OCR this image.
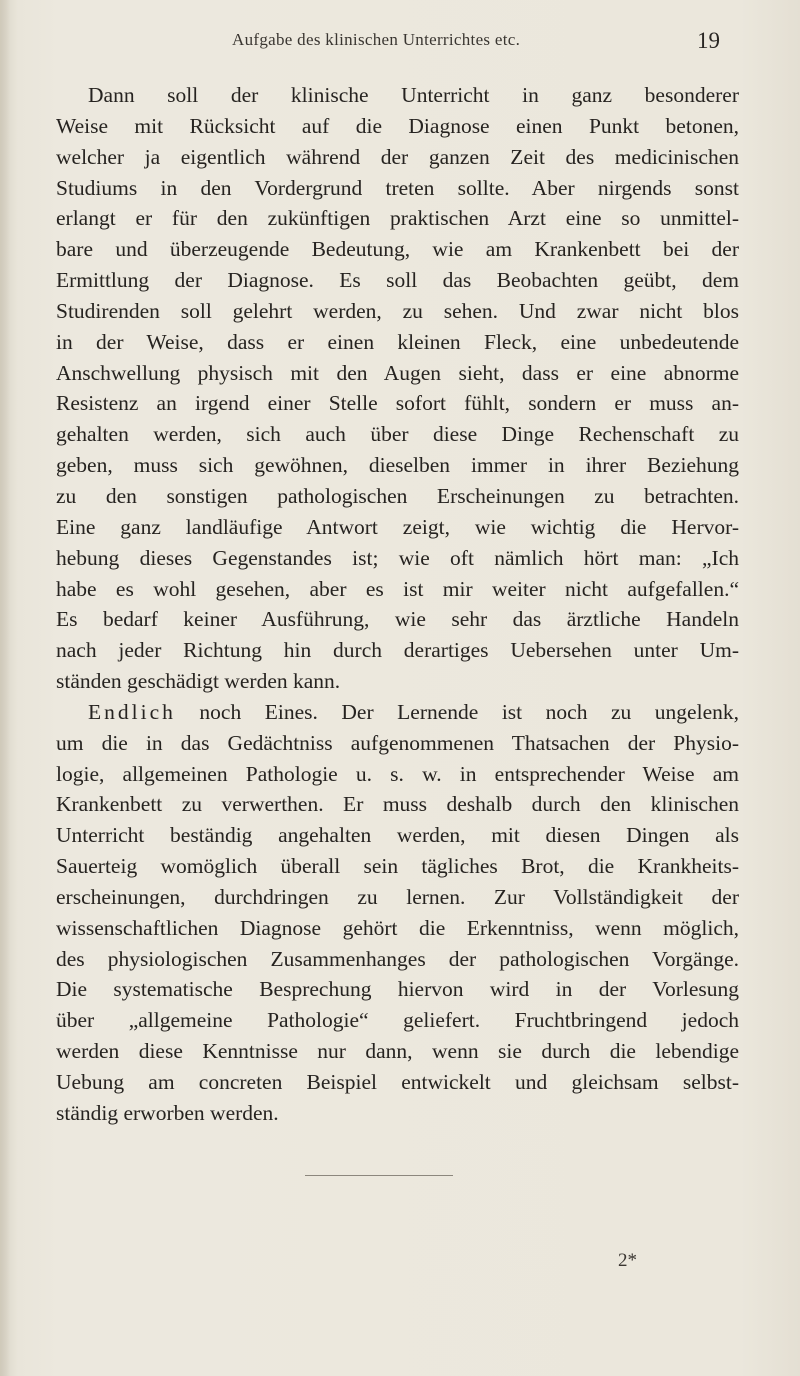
Aufgabe des klinischen Unterrichtes etc.	19
Dann soll der klinische Unterricht in ganz besonderer
Weise mit Rücksicht auf die Diagnose einen Punkt betonen,
welcher ja eigentlich während der ganzen Zeit des medicinischen
Studiums in den Vordergrund treten sollte. Aber nirgends sonst
erlangt er für den zukünftigen praktischen Arzt eine so unmittel-
bare und überzeugende Bedeutung, wie am Krankenbett bei der
Ermittlung der Diagnose. Es soll das Beobachten geübt, dem
Studirenden soll gelehrt werden, zu sehen. Und zwar nicht blos
in der Weise, dass er einen kleinen Fleck, eine unbedeutende
Anschwellung physisch mit den Augen sieht, dass er eine abnorme
Resistenz an irgend einer Stelle sofort fühlt, sondern er muss an-
gehalten werden, sich auch über diese Dinge Rechenschaft zu
geben, muss sich gewöhnen, dieselben immer in ihrer Beziehung
zu den sonstigen pathologischen Erscheinungen zu betrachten.
Eine ganz landläufige Antwort zeigt, wie wichtig die Hervor-
hebung dieses Gegenstandes ist; wie oft nämlich hört man: „Ich
habe es wohl gesehen, aber es ist mir weiter nicht aufgefallen.“
Es bedarf keiner Ausführung, wie sehr das ärztliche Handeln
nach jeder Richtung hin durch derartiges Uebersehen unter Um-
ständen geschädigt werden kann.
Endlich noch Eines. Der Lernende ist noch zu ungelenk,
um die in das Gedächtniss aufgenommenen Thatsachen der Physio-
logie, allgemeinen Pathologie u. s. w. in entsprechender Weise am
Krankenbett zu verwerthen. Er muss deshalb durch den klinischen
Unterricht beständig angehalten werden, mit diesen Dingen als
Sauerteig womöglich überall sein tägliches Brot, die Krankheits-
erscheinungen, durchdringen zu lernen. Zur Vollständigkeit der
wissenschaftlichen Diagnose gehört die Erkenntniss, wenn möglich,
des physiologischen Zusammenhanges der pathologischen Vorgänge.
Die systematische Besprechung hiervon wird in der Vorlesung
über „allgemeine Pathologie“ geliefert. Fruchtbringend jedoch
werden diese Kenntnisse nur dann, wenn sie durch die lebendige
Uebung am concreten Beispiel entwickelt und gleichsam selbst-
ständig erworben werden.
2*
